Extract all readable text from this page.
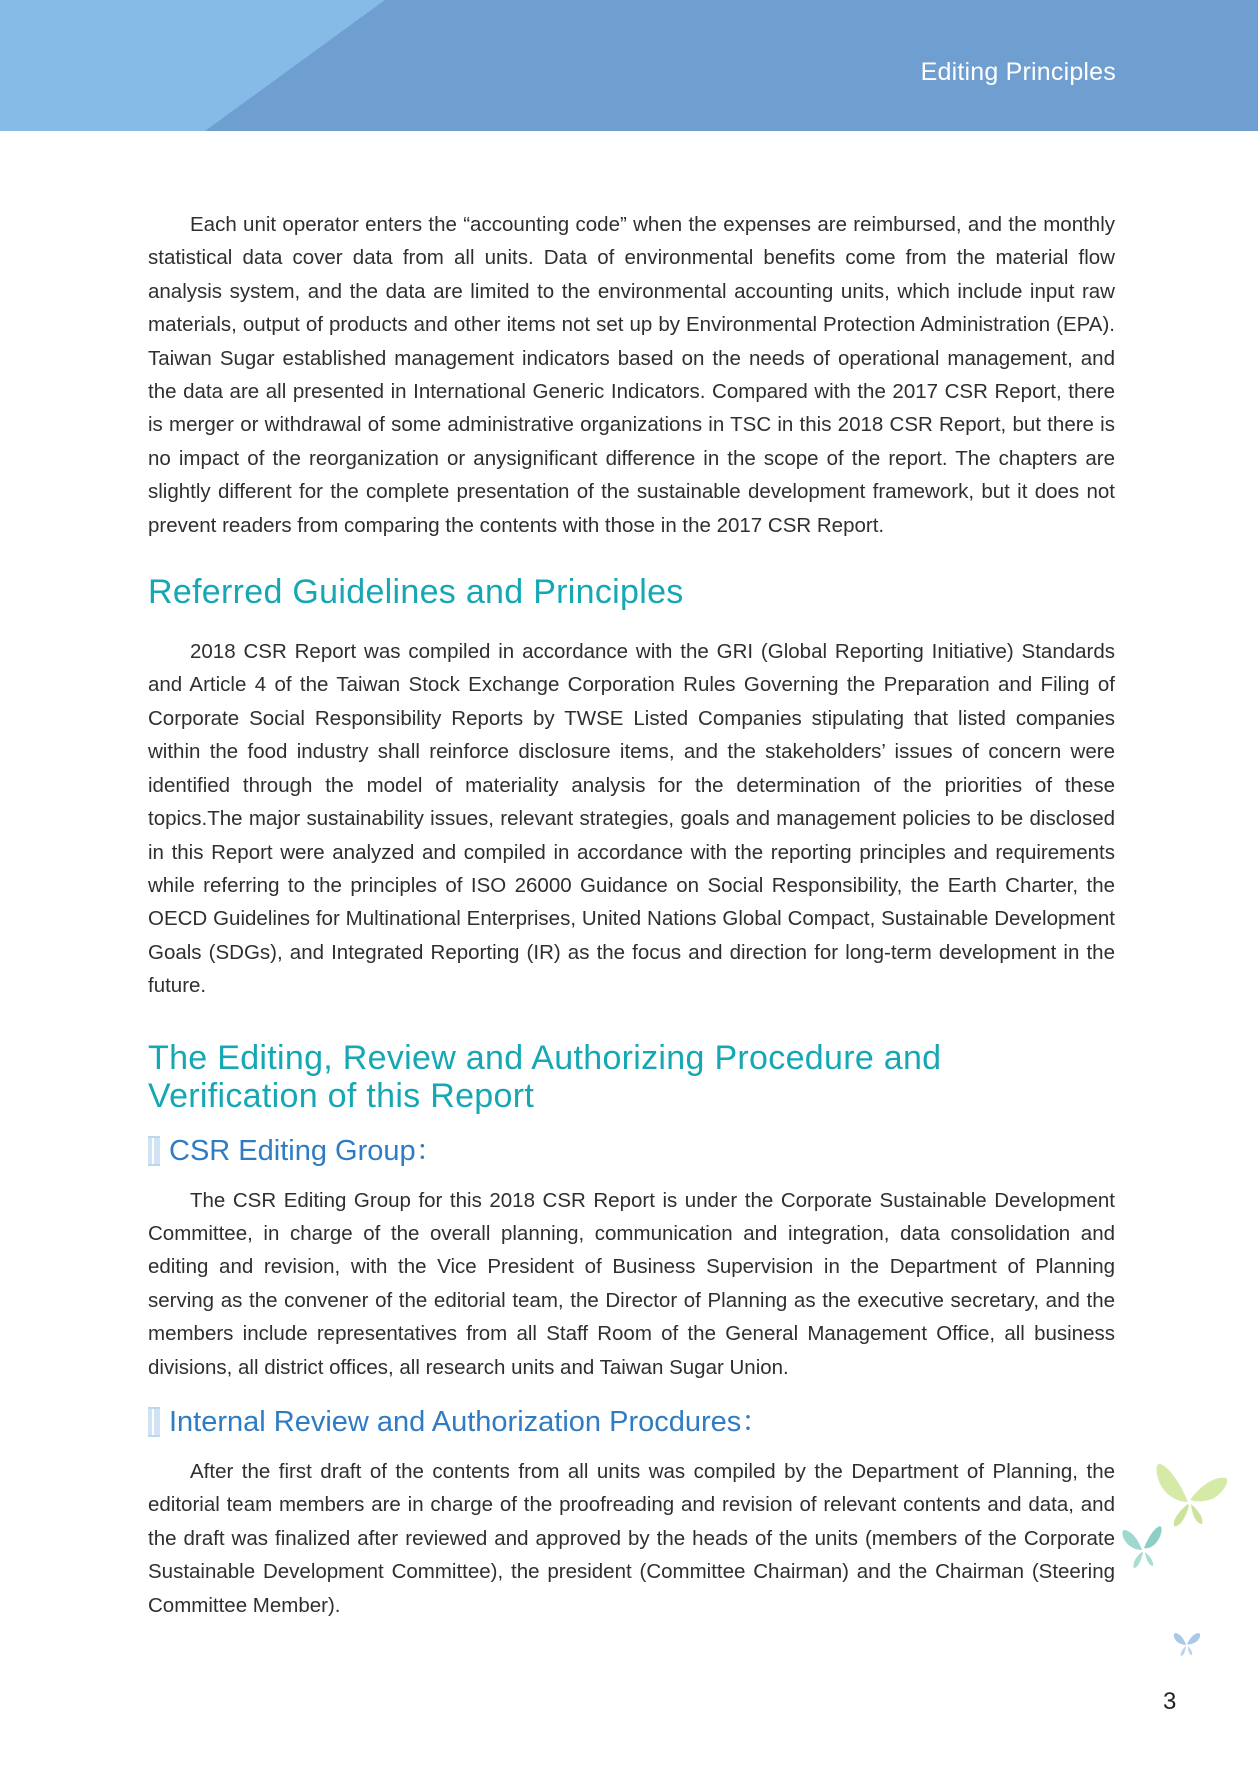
Editing Principles

Each unit operator enters the “accounting code” when the expenses are reimbursed, and the monthly statistical data cover data from all units. Data of environmental benefits come from the material flow analysis system, and the data are limited to the environmental accounting units, which include input raw materials, output of products and other items not set up by Environmental Protection Administration (EPA). Taiwan Sugar established management indicators based on the needs of operational management, and the data are all presented in International Generic Indicators. Compared with the 2017 CSR Report, there is merger or withdrawal of some administrative organizations in TSC in this 2018 CSR Report, but there is no impact of the reorganization or anysignificant difference in the scope of the report. The chapters are slightly different for the complete presentation of the sustainable development framework, but it does not prevent readers from comparing the contents with those in the 2017 CSR Report.

Referred Guidelines and Principles

2018 CSR Report was compiled in accordance with the GRI (Global Reporting Initiative) Standards and Article 4 of the Taiwan Stock Exchange Corporation Rules Governing the Preparation and Filing of Corporate Social Responsibility Reports by TWSE Listed Companies stipulating that listed companies within the food industry shall reinforce disclosure items, and the stakeholders’ issues of concern were identified through the model of materiality analysis for the determination of the priorities of these topics.The major sustainability issues, relevant strategies, goals and management policies to be disclosed in this Report were analyzed and compiled in accordance with the reporting principles and requirements while referring to the principles of ISO 26000 Guidance on Social Responsibility, the Earth Charter, the OECD Guidelines for Multinational Enterprises, United Nations Global Compact, Sustainable Development Goals (SDGs), and Integrated Reporting (IR) as the focus and direction for long-term development in the future.

The Editing, Review and Authorizing Procedure and
Verification of this Report
CSR Editing Group：

The CSR Editing Group for this 2018 CSR Report is under the Corporate Sustainable Development Committee, in charge of the overall planning, communication and integration, data consolidation and editing and revision, with the Vice President of Business Supervision in the Department of Planning serving as the convener of the editorial team, the Director of Planning as the executive secretary, and the members include representatives from all Staff Room of the General Management Office, all business divisions, all district offices, all research units and Taiwan Sugar Union.

Internal Review and Authorization Procdures：

After the first draft of the contents from all units was compiled by the Department of Planning, the editorial team members are in charge of the proofreading and revision of relevant contents and data, and the draft was finalized after reviewed and approved by the heads of the units (members of the Corporate Sustainable Development Committee), the president (Committee Chairman) and the Chairman (Steering Committee Member).

3
